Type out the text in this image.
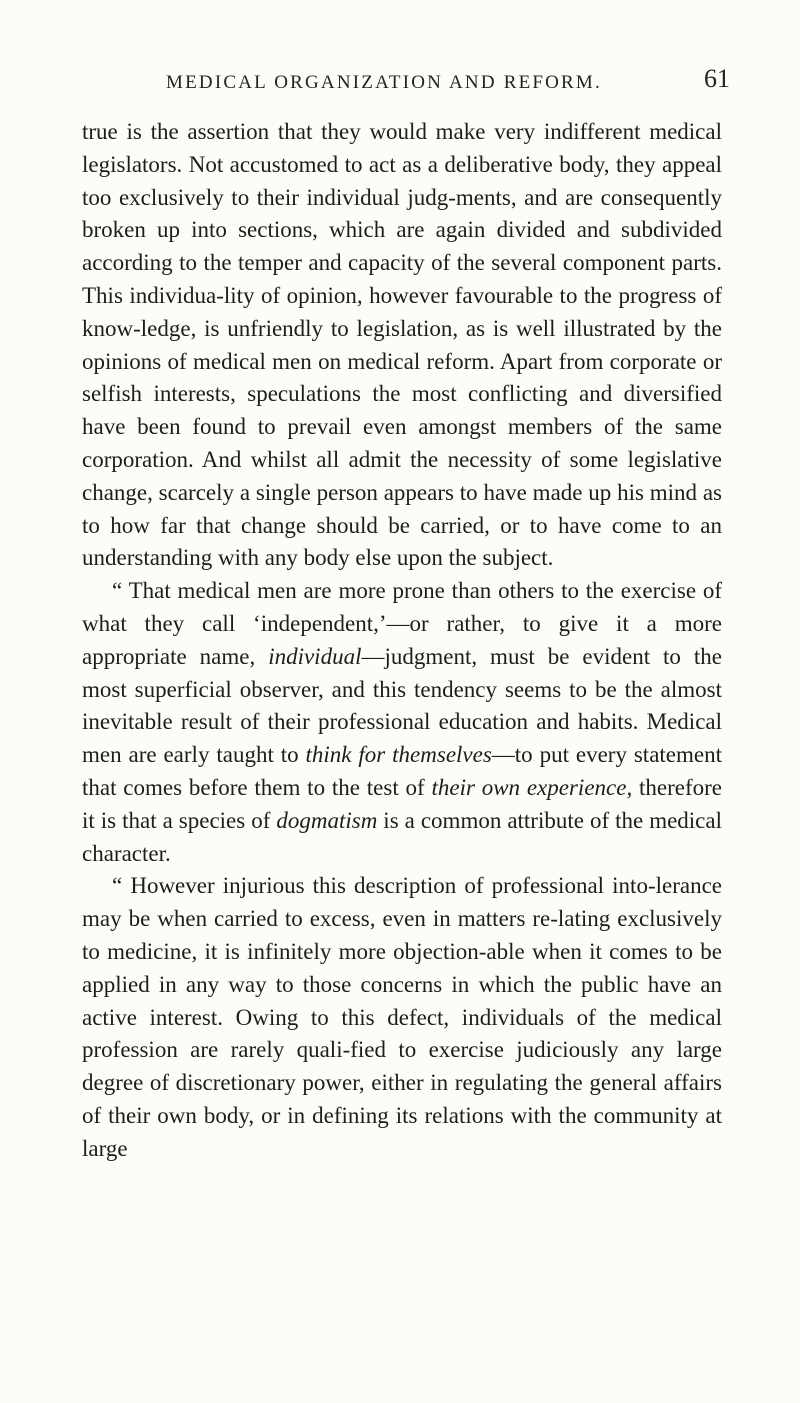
MEDICAL ORGANIZATION AND REFORM.	61

true is the assertion that they would make very indifferent medical legislators. Not accustomed to act as a deliberative body, they appeal too exclusively to their individual judg-ments, and are consequently broken up into sections, which are again divided and subdivided according to the temper and capacity of the several component parts. This individua-lity of opinion, however favourable to the progress of know-ledge, is unfriendly to legislation, as is well illustrated by the opinions of medical men on medical reform. Apart from corporate or selfish interests, speculations the most conflicting and diversified have been found to prevail even amongst members of the same corporation. And whilst all admit the necessity of some legislative change, scarcely a single person appears to have made up his mind as to how far that change should be carried, or to have come to an understanding with any body else upon the subject.

“ That medical men are more prone than others to the exercise of what they call ‘independent,’—or rather, to give it a more appropriate name, individual—judgment, must be evident to the most superficial observer, and this tendency seems to be the almost inevitable result of their professional education and habits. Medical men are early taught to think for themselves—to put every statement that comes before them to the test of their own experience, therefore it is that a species of dogmatism is a common attribute of the medical character.

“ However injurious this description of professional into-lerance may be when carried to excess, even in matters re-lating exclusively to medicine, it is infinitely more objection-able when it comes to be applied in any way to those concerns in which the public have an active interest. Owing to this defect, individuals of the medical profession are rarely quali-fied to exercise judiciously any large degree of discretionary power, either in regulating the general affairs of their own body, or in defining its relations with the community at large
